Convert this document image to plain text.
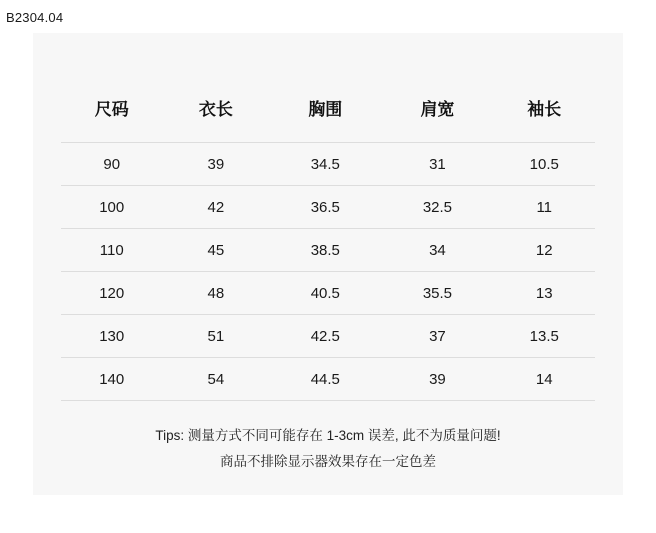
B2304.04
尺码	衣长	胸围	肩宽	袖长
90	39	34.5	31	10.5
100	42	36.5	32.5	11
110	45	38.5	34	12
120	48	40.5	35.5	13
130	51	42.5	37	13.5
140	54	44.5	39	14
Tips: 测量方式不同可能存在 1-3cm 误差, 此不为质量问题!
商品不排除显示器效果存在一定色差
